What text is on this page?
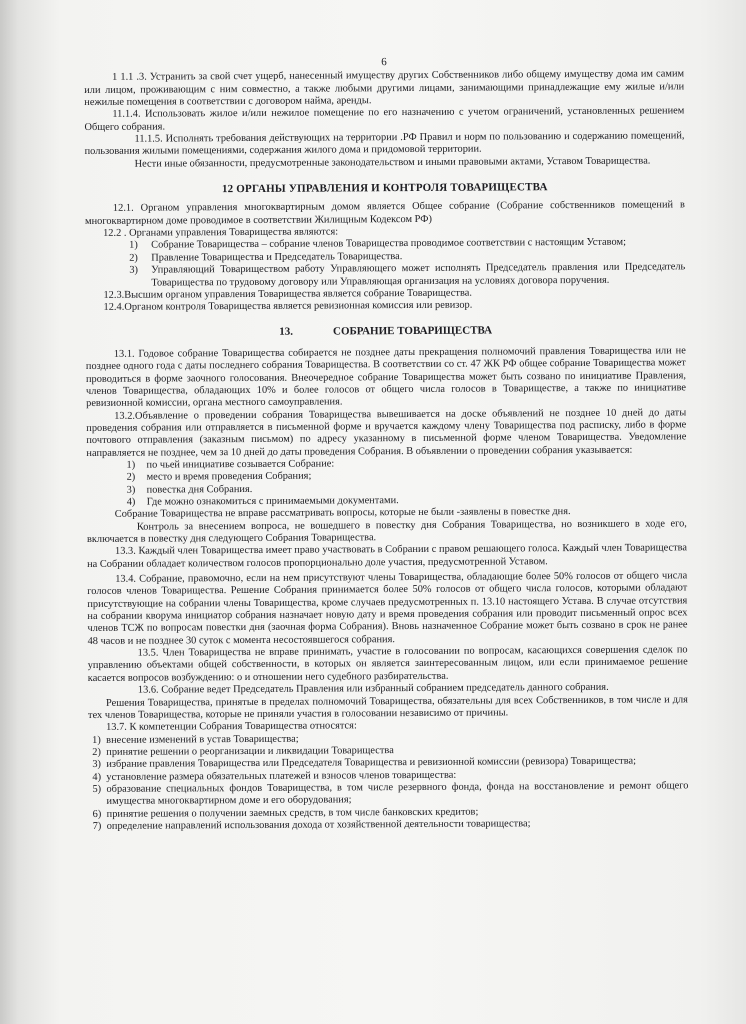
6

1 1.1 .3. Устранить за свой счет ущерб, нанесенный имуществу других Собственников либо общему имуществу дома им самим или лицом, проживающим с ним совместно, а также любыми другими лицами, занимающими принадлежащие ему жилые и/или нежилые помещения в соответствии с договором найма, аренды.

11.1.4. Использовать жилое и/или нежилое помещение по его назначению с учетом ограничений, установленных решением Общего собрания.

11.1.5. Исполнять требования действующих на территории .РФ Правил и норм по пользованию и содержанию помещений, пользования жилыми помещениями, содержания жилого дома и придомовой территории.

Нести иные обязанности, предусмотренные законодательством и иными правовыми актами, Уставом Товарищества.

12 ОРГАНЫ УПРАВЛЕНИЯ И КОНТРОЛЯ ТОВАРИЩЕСТВА

12.1. Органом управления многоквартирным домом является Общее собрание (Собрание собственников помещений в многоквартирном доме проводимое в соответствии Жилищным Кодексом РФ)

12.2 . Органами управления Товарищества являются:

1)	Собрание Товарищества – собрание членов Товарищества проводимое соответствии с настоящим Уставом;
2)	Правление Товарищества и Председатель Товарищества.
3)	Управляющий Товариществом работу Управляющего может исполнять Председатель правления или Председатель Товарищества по трудовому договору или Управляющая организация на условиях договора поручения.

12.3.Высшим органом управления Товарищества является собрание Товарищества.

12.4.Органом контроля Товарищества является ревизионная комиссия или ревизор.

13.	СОБРАНИЕ ТОВАРИЩЕСТВА

13.1. Годовое собрание Товарищества собирается не позднее даты прекращения полномочий правления Товарищества или не позднее одного года с даты последнего собрания Товарищества. В соответствии со ст. 47 ЖК РФ общее собрание Товарищества может проводиться в форме заочного голосования. Внеочередное собрание Товарищества может быть созвано по инициативе Правления, членов Товарищества, обладающих 10% и более голосов от общего числа голосов в Товариществе, а также по инициативе ревизионной комиссии, органа местного самоуправления.

13.2.Объявление о проведении собрания Товарищества вывешивается на доске объявлений не позднее 10 дней до даты проведения собрания или отправляется в письменной форме и вручается каждому члену Товарищества под расписку, либо в форме почтового отправления (заказным письмом) по адресу указанному в письменной форме членом Товарищества. Уведомление направляется не позднее, чем за 10 дней до даты проведения Собрания. В объявлении о проведении собрания указывается:

1)	по чьей инициативе созывается Собрание:
2)	место и время проведения Собрания;
3)	повестка дня Собрания.
4)	Где можно ознакомиться с принимаемыми документами.

Собрание Товарищества не вправе рассматривать вопросы, которые не были -заявлены в повестке дня.

Контроль за внесением вопроса, не вошедшего в повестку дня Собрания Товарищества, но возникшего в ходе его, включается в повестку дня следующего Собрания Товарищества.

13.3. Каждый член Товарищества имеет право участвовать в Собрании с правом решающего голоса. Каждый член Товарищества на Собрании обладает количеством голосов пропорционально доле участия, предусмотренной Уставом.

13.4. Собрание, правомочно, если на нем присутствуют члены Товарищества, обладающие более 50% голосов от общего числа голосов членов Товарищества. Решение Собрания принимается более 50% голосов от общего числа голосов, которыми обладают присутствующие на собрании члены Товарищества, кроме случаев предусмотренных п. 13.10 настоящего Устава. В случае отсутствия на собрании кворума инициатор собрания назначает новую дату и время проведения собрания или проводит письменный опрос всех членов ТСЖ по вопросам повестки дня (заочная форма Собрания). Вновь назначенное Собрание может быть созвано в срок не ранее 48 часов и не позднее 30 суток с момента несостоявшегося собрания.

13.5. Член Товарищества не вправе принимать, участие в голосовании по вопросам, касающихся совершения сделок по управлению объектами общей собственности, в которых он является заинтересованным лицом, или если принимаемое решение касается вопросов возбуждению: о и отношении него судебного разбирательства.

13.6. Собрание ведет Председатель Правления или избранный собранием председатель данного собрания.

Решения Товарищества, принятые в пределах полномочий Товарищества, обязательны для всех Собственников, в том числе и для тех членов Товарищества, которые не приняли участия в голосовании независимо от причины.

13.7. К компетенции Собрания Товарищества относятся:

1) внесение изменений в устав Товарищества;
2) принятие решении о реорганизации и ликвидации Товарищества
3) избрание правления Товарищества или Председателя Товарищества и ревизионной комиссии (ревизора) Товарищества;
4) установление размера обязательных платежей и взносов членов товарищества:
5) образование специальных фондов Товарищества, в том числе резервного фонда, фонда на восстановление и ремонт общего имущества многоквартирном доме и его оборудования;
6) принятие решения о получении заемных средств, в том числе банковских кредитов;
7) определение направлений использования дохода от хозяйственной деятельности товарищества;
